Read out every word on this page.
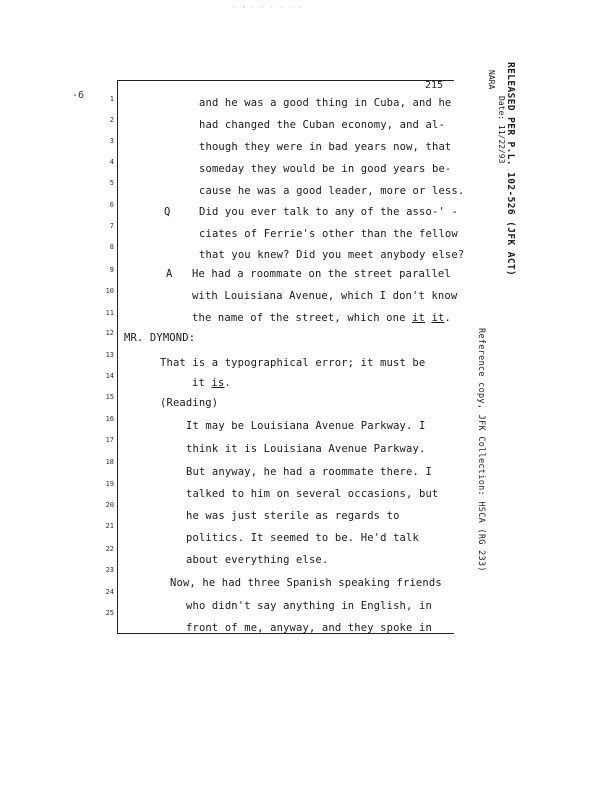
· · · · · · · ·
-6
215
1
2
3
4
5
6
7
8
9
10
11
12
13
14
15
16
17
18
19
20
21
22
23
24
25
and he was a good thing in Cuba, and he
had changed the Cuban economy, and al-
though they were in bad years now, that
someday they would be in good years be-
cause he was a good leader, more or less.
Q	Did you ever talk to any of the asso-' -
ciates of Ferrie's other than the fellow
that you knew? Did you meet anybody else?
A He had a roommate on the street parallel
with Louisiana Avenue, which I don't know
the name of the street, which one it it.
MR. DYMOND:
That is a typographical error; it must be
it is.
(Reading)
It may be Louisiana Avenue Parkway. I
think it is Louisiana Avenue Parkway.
But anyway, he had a roommate there. I
talked to him on several occasions, but
he was just sterile as regards to
politics. It seemed to be. He'd talk
about everything else.
Now, he had three Spanish speaking friends
who didn't say anything in English, in
front of me, anyway, and they spoke in
RELEASED PER P.L. 102-526 (JFK ACT)
Date: 11/22/93
NARA
Reference copy, JFK Collection: HSCA (RG 233)
